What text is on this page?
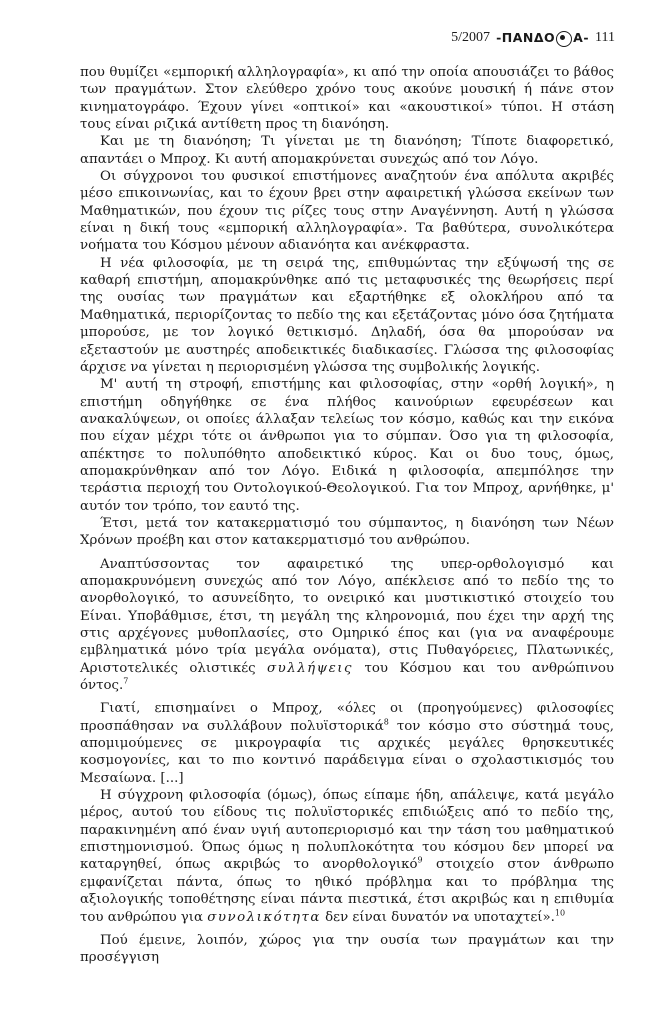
5/2007 -ΠΑΝΔΟ Α- 111

που θυμίζει «εμπορική αλληλογραφία», κι από την οποία απουσιάζει το βάθος των πραγμάτων. Στον ελεύθερο χρόνο τους ακούνε μουσική ή πάνε στον κινηματογράφο. Έχουν γίνει «οπτικοί» και «ακουστικοί» τύποι. Η στάση τους είναι ριζικά αντίθετη προς τη διανόηση.

Και με τη διανόηση; Τι γίνεται με τη διανόηση; Τίποτε διαφορετικό, απαντάει ο Μπροχ. Κι αυτή απομακρύνεται συνεχώς από τον Λόγο.

Οι σύγχρονοι του φυσικοί επιστήμονες αναζητούν ένα απόλυτα ακριβές μέσο επικοινωνίας, και το έχουν βρει στην αφαιρετική γλώσσα εκείνων των Μαθηματικών, που έχουν τις ρίζες τους στην Αναγέννηση. Αυτή η γλώσσα είναι η δική τους «εμπορική αλληλογραφία». Τα βαθύτερα, συνολικότερα νοήματα του Κόσμου μένουν αδιανόητα και ανέκφραστα.

Η νέα φιλοσοφία, με τη σειρά της, επιθυμώντας την εξύψωσή της σε καθαρή επιστήμη, απομακρύνθηκε από τις μεταφυσικές της θεωρήσεις περί της ουσίας των πραγμάτων και εξαρτήθηκε εξ ολοκλήρου από τα Μαθηματικά, περιορίζοντας το πεδίο της και εξετάζοντας μόνο όσα ζητήματα μπορούσε, με τον λογικό θετικισμό. Δηλαδή, όσα θα μπορούσαν να εξεταστούν με αυστηρές αποδεικτικές διαδικασίες. Γλώσσα της φιλοσοφίας άρχισε να γίνεται η περιορισμένη γλώσσα της συμβολικής λογικής.

Μ' αυτή τη στροφή, επιστήμης και φιλοσοφίας, στην «ορθή λογική», η επιστήμη οδηγήθηκε σε ένα πλήθος καινούριων εφευρέσεων και ανακαλύψεων, οι οποίες άλλαξαν τελείως τον κόσμο, καθώς και την εικόνα που είχαν μέχρι τότε οι άνθρωποι για το σύμπαν. Όσο για τη φιλοσοφία, απέκτησε το πολυπόθητο αποδεικτικό κύρος. Και οι δυο τους, όμως, απομακρύνθηκαν από τον Λόγο. Ειδικά η φιλοσοφία, απεμπόλησε την τεράστια περιοχή του Οντολογικού-Θεολογικού. Για τον Μπροχ, αρνήθηκε, μ' αυτόν τον τρόπο, τον εαυτό της.

Έτσι, μετά τον κατακερματισμό του σύμπαντος, η διανόηση των Νέων Χρόνων προέβη και στον κατακερματισμό του ανθρώπου.

Αναπτύσσοντας τον αφαιρετικό της υπερ-ορθολογισμό και απομακρυνόμενη συνεχώς από τον Λόγο, απέκλεισε από το πεδίο της το ανορθολογικό, το ασυνείδητο, το ονειρικό και μυστικιστικό στοιχείο του Είναι. Υποβάθμισε, έτσι, τη μεγάλη της κληρονομιά, που έχει την αρχή της στις αρχέγονες μυθοπλασίες, στο Ομηρικό έπος και (για να αναφέρουμε εμβληματικά μόνο τρία μεγάλα ονόματα), στις Πυθαγόρειες, Πλατωνικές, Αριστοτελικές ολιστικές συλλήψεις του Κόσμου και του ανθρώπινου όντος.$^7$

Γιατί, επισημαίνει ο Μπροχ, «όλες οι (προηγούμενες) φιλοσοφίες προσπάθησαν να συλλάβουν πολυϊστορικά$^8$ τον κόσμο στο σύστημά τους, απομιμούμενες σε μικρογραφία τις αρχικές μεγάλες θρησκευτικές κοσμογονίες, και το πιο κοντινό παράδειγμα είναι ο σχολαστικισμός του Μεσαίωνα. [...]

Η σύγχρονη φιλοσοφία (όμως), όπως είπαμε ήδη, απάλειψε, κατά μεγάλο μέρος, αυτού του είδους τις πολυϊστορικές επιδιώξεις από το πεδίο της, παρακινημένη από έναν υγιή αυτοπεριορισμό και την τάση του μαθηματικού επιστημονισμού. Όπως όμως η πολυπλοκότητα του κόσμου δεν μπορεί να καταργηθεί, όπως ακριβώς το ανορθολογικό$^9$ στοιχείο στον άνθρωπο εμφανίζεται πάντα, όπως το ηθικό πρόβλημα και το πρόβλημα της αξιολογικής τοποθέτησης είναι πάντα πιεστικά, έτσι ακριβώς και η επιθυμία του ανθρώπου για συνολικότητα δεν είναι δυνατόν να υποταχτεί».$^{10}$

Πού έμεινε, λοιπόν, χώρος για την ουσία των πραγμάτων και την προσέγγιση
